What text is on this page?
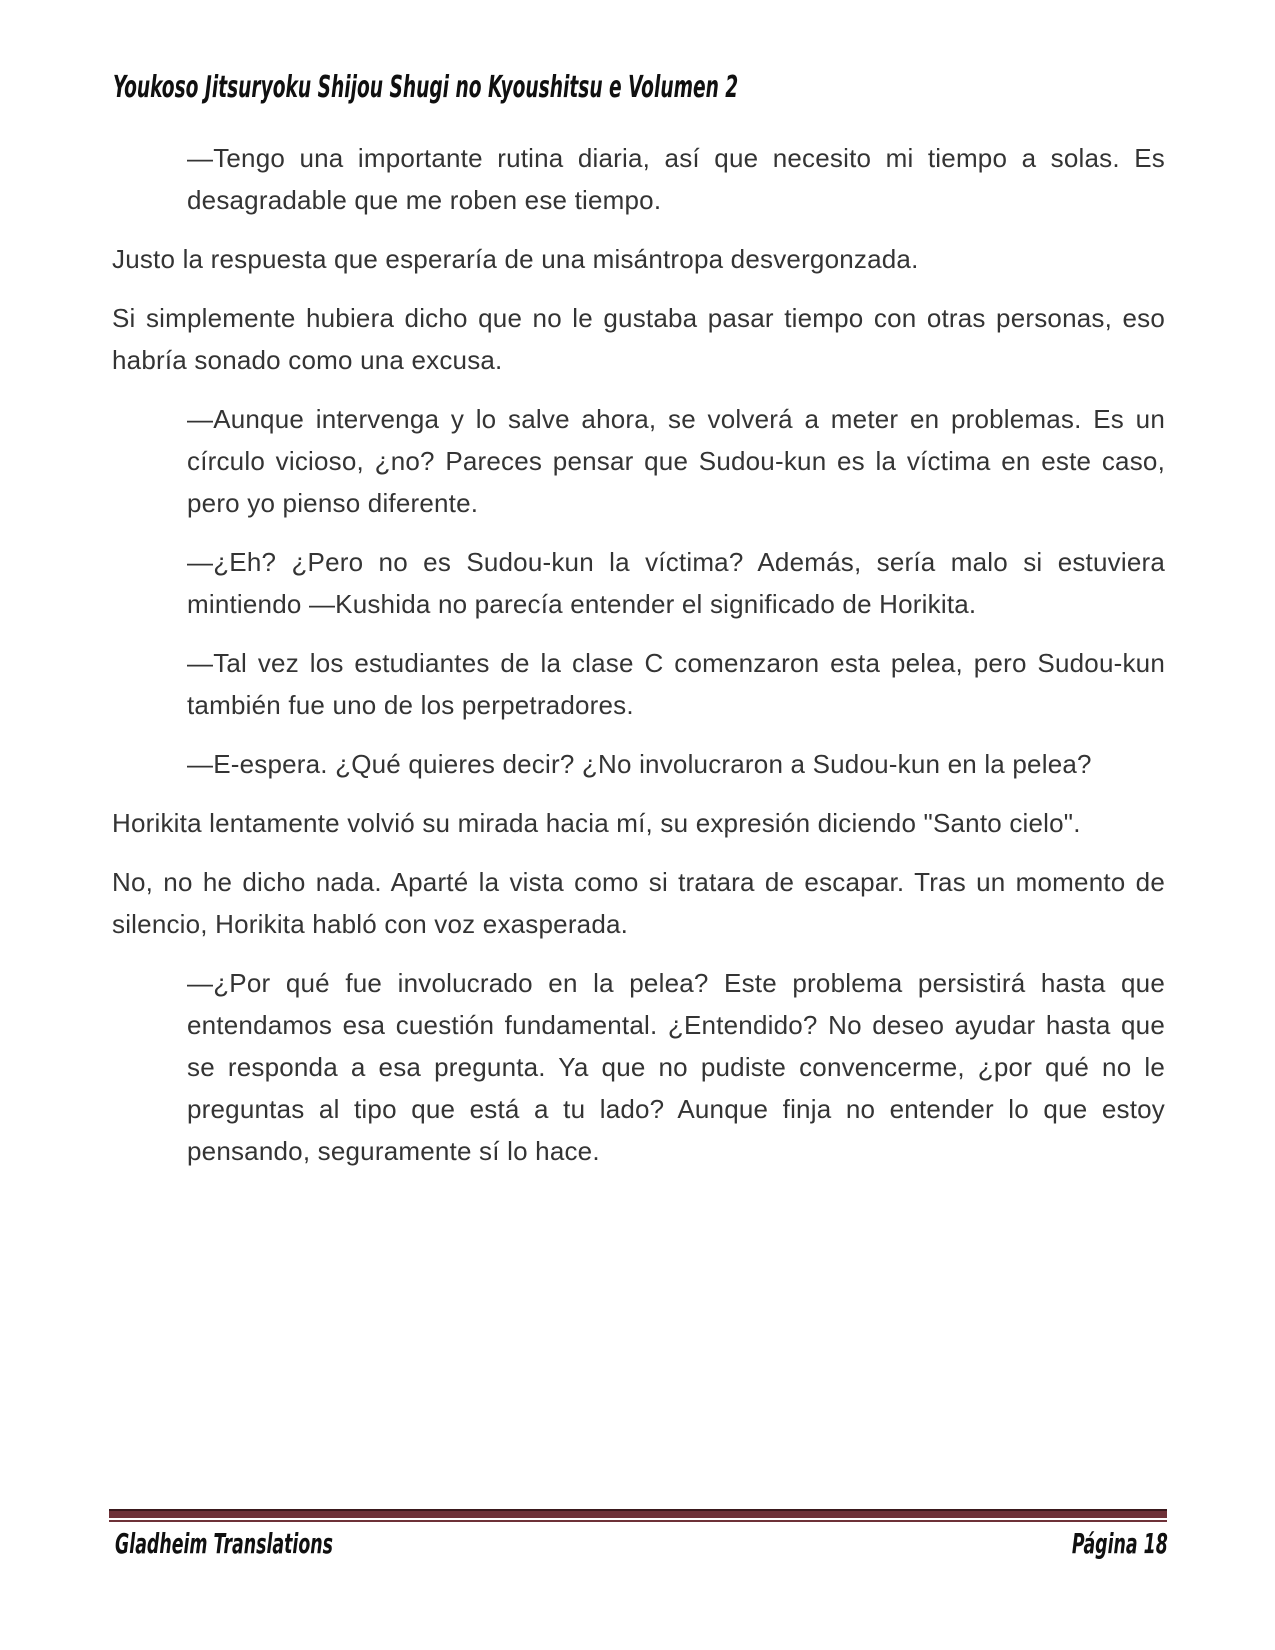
Youkoso Jitsuryoku Shijou Shugi no Kyoushitsu e Volumen 2

—Tengo una importante rutina diaria, así que necesito mi tiempo a solas. Es desagradable que me roben ese tiempo.

Justo la respuesta que esperaría de una misántropa desvergonzada.

Si simplemente hubiera dicho que no le gustaba pasar tiempo con otras personas, eso habría sonado como una excusa.

—Aunque intervenga y lo salve ahora, se volverá a meter en problemas. Es un círculo vicioso, ¿no? Pareces pensar que Sudou-kun es la víctima en este caso, pero yo pienso diferente.

—¿Eh? ¿Pero no es Sudou-kun la víctima? Además, sería malo si estuviera mintiendo —Kushida no parecía entender el significado de Horikita.

—Tal vez los estudiantes de la clase C comenzaron esta pelea, pero Sudou-kun también fue uno de los perpetradores.

—E-espera. ¿Qué quieres decir? ¿No involucraron a Sudou-kun en la pelea?

Horikita lentamente volvió su mirada hacia mí, su expresión diciendo "Santo cielo".

No, no he dicho nada. Aparté la vista como si tratara de escapar. Tras un momento de silencio, Horikita habló con voz exasperada.

—¿Por qué fue involucrado en la pelea? Este problema persistirá hasta que entendamos esa cuestión fundamental. ¿Entendido? No deseo ayudar hasta que se responda a esa pregunta. Ya que no pudiste convencerme, ¿por qué no le preguntas al tipo que está a tu lado? Aunque finja no entender lo que estoy pensando, seguramente sí lo hace.

Gladheim Translations	Página 18
